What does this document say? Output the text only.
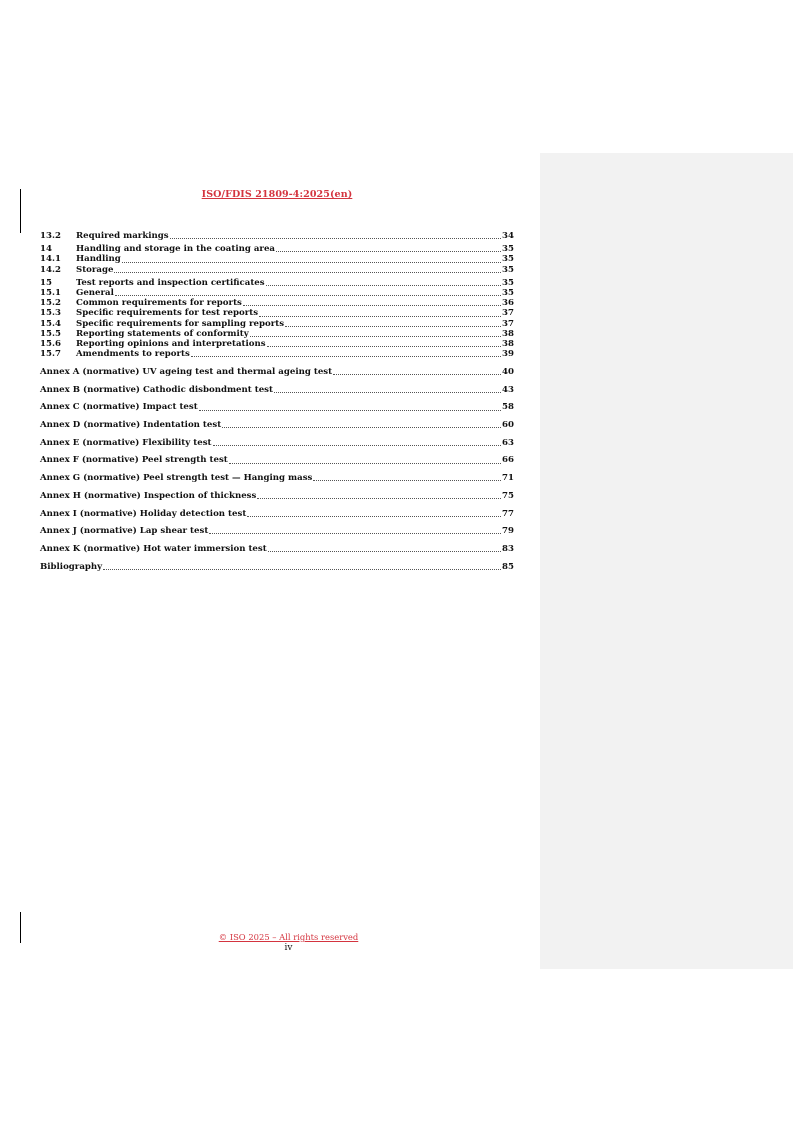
ISO/FDIS 21809-4:2025(en)
13.2	Required markings	34
14	Handling and storage in the coating area	35
14.1	Handling	35
14.2	Storage	35
15	Test reports and inspection certificates	35
15.1	General	35
15.2	Common requirements for reports	36
15.3	Specific requirements for test reports	37
15.4	Specific requirements for sampling reports	37
15.5	Reporting statements of conformity	38
15.6	Reporting opinions and interpretations	38
15.7	Amendments to reports	39
Annex A (normative) UV ageing test and thermal ageing test	40
Annex B (normative) Cathodic disbondment test	43
Annex C (normative) Impact test	58
Annex D (normative) Indentation test	60
Annex E (normative) Flexibility test	63
Annex F (normative) Peel strength test	66
Annex G (normative) Peel strength test — Hanging mass	71
Annex H (normative) Inspection of thickness	75
Annex I (normative) Holiday detection test	77
Annex J (normative) Lap shear test	79
Annex K (normative) Hot water immersion test	83
Bibliography	85
© ISO 2025 – All rights reserved
iv
